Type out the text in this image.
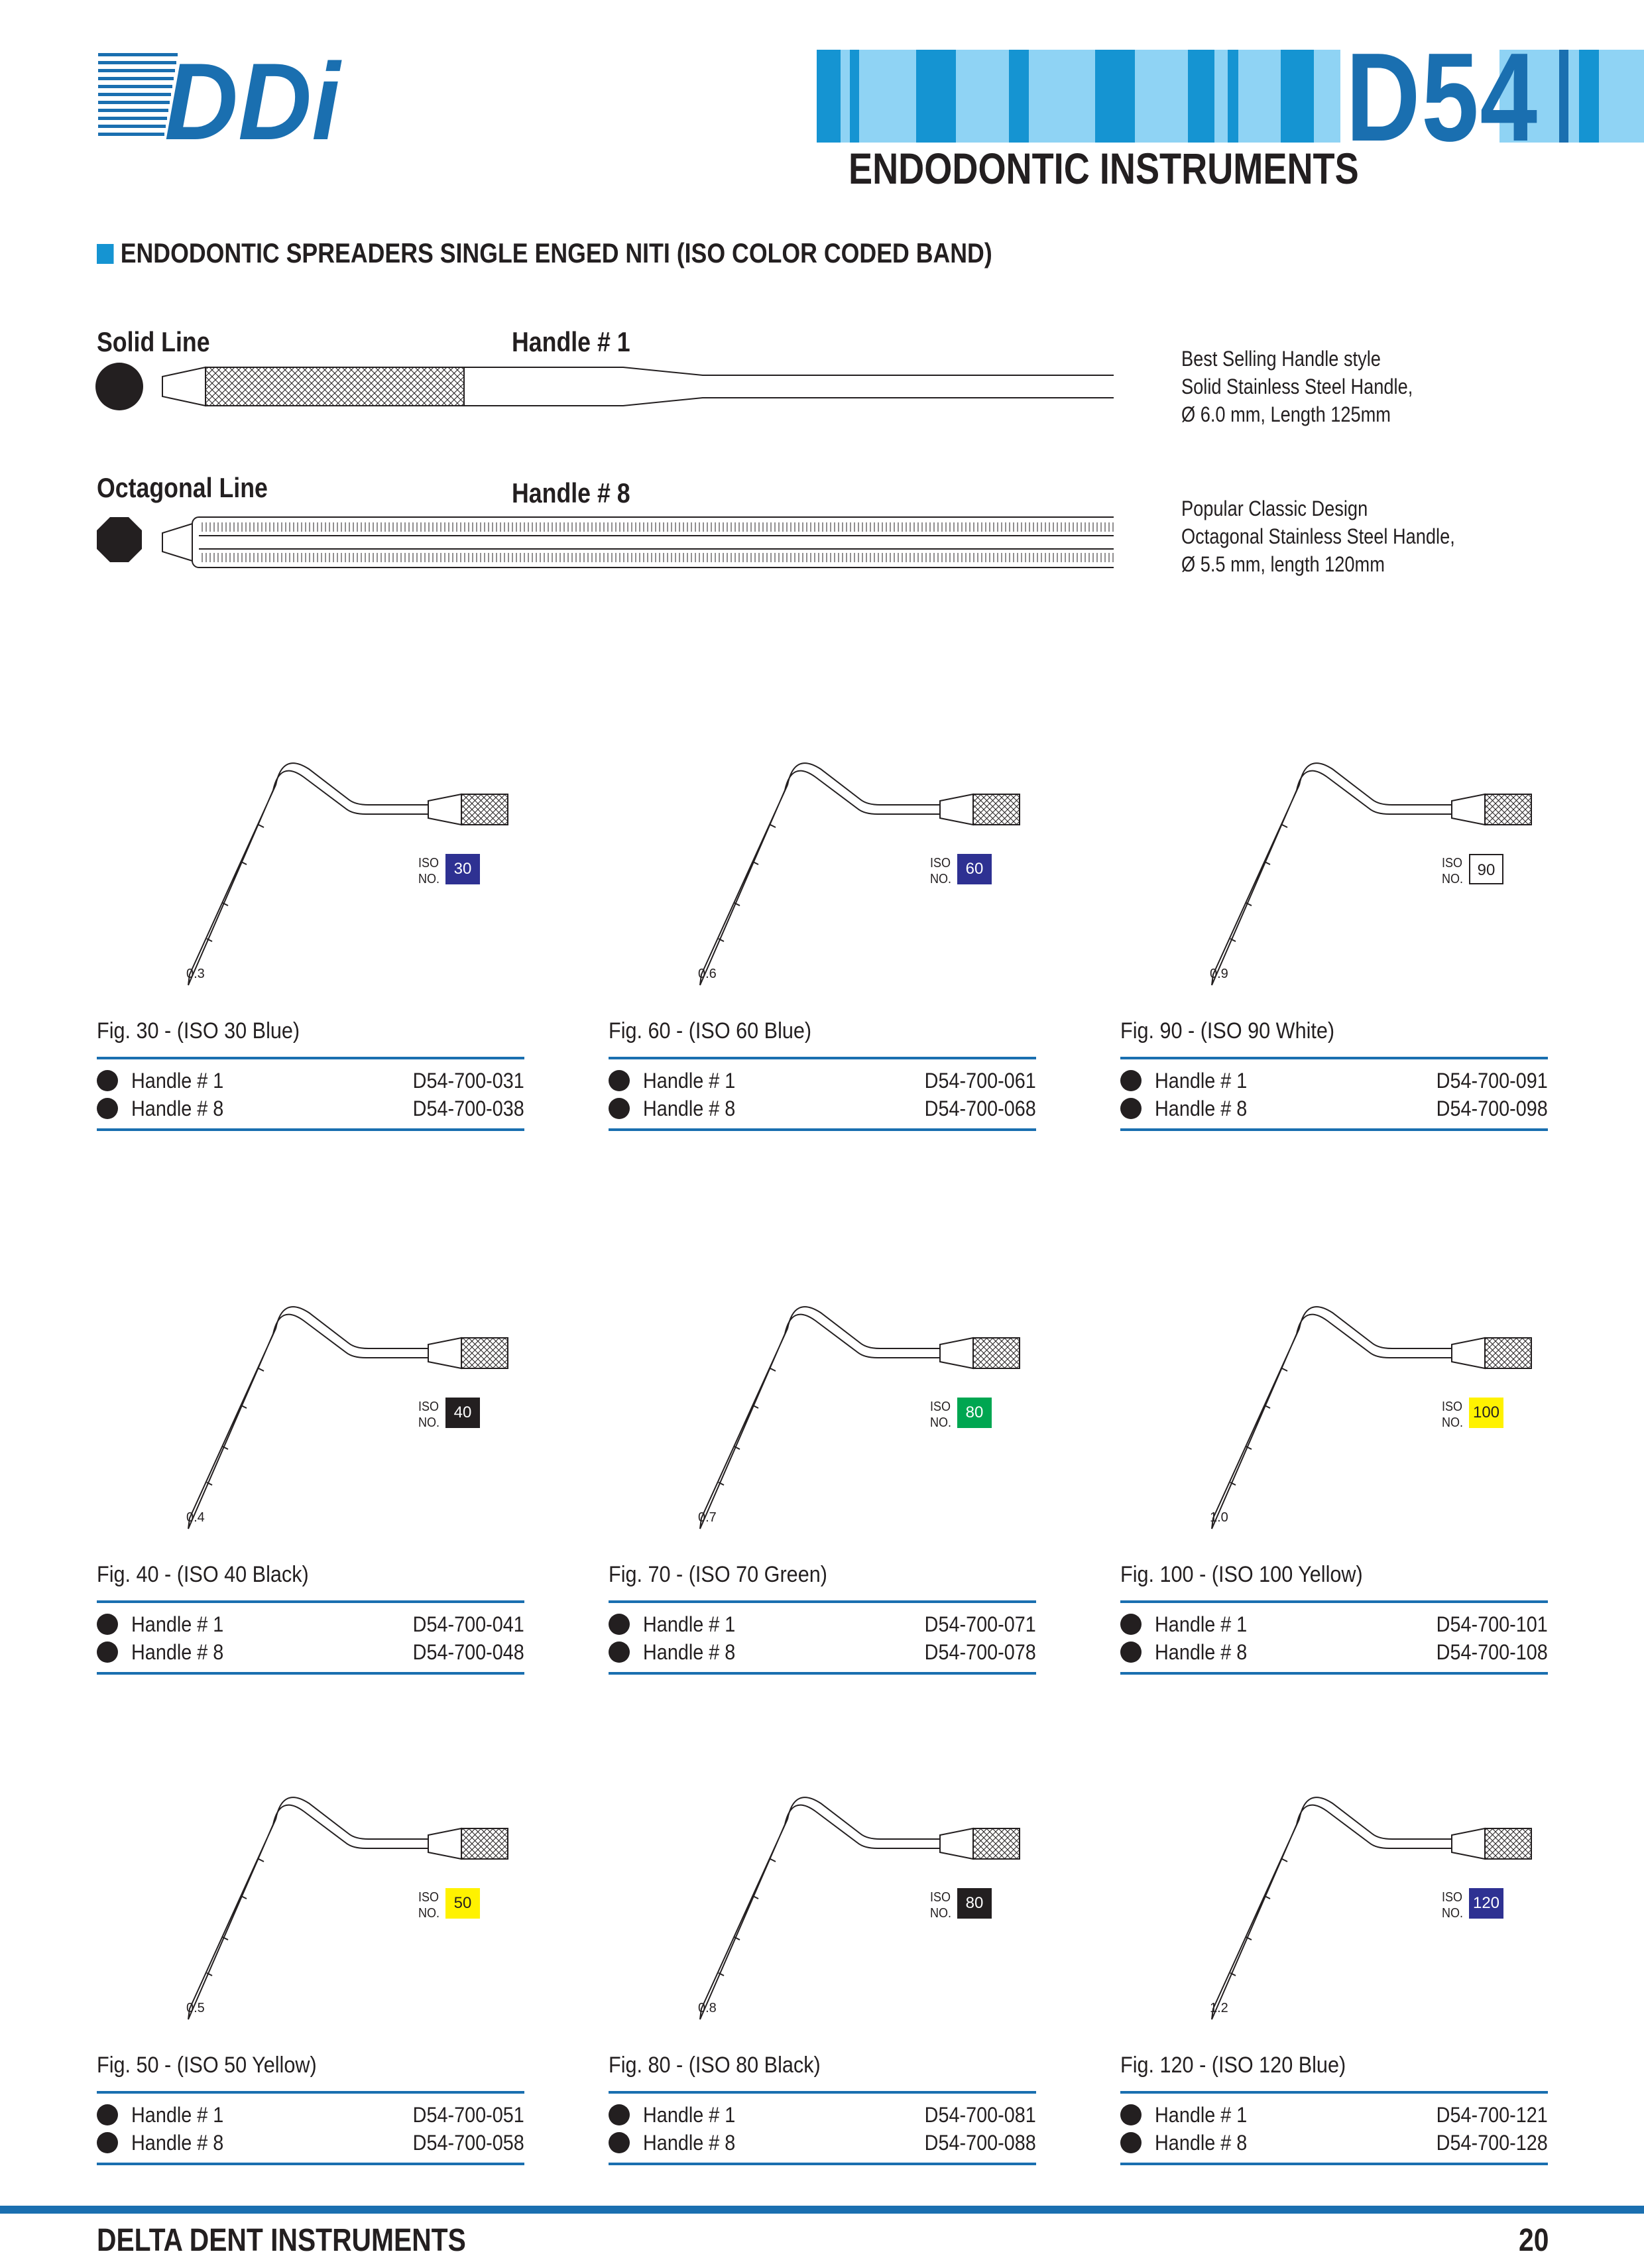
DDi	D54
ENDODONTIC INSTRUMENTS
ENDODONTIC SPREADERS SINGLE ENGED NITI (ISO COLOR CODED BAND)
Solid Line	Handle # 1
Best Selling Handle style
Solid Stainless Steel Handle,
Ø 6.0 mm, Length 125mm
Octagonal Line	Handle # 8	Popular Classic Design
Octagonal Stainless Steel Handle,
Ø 5.5 mm, length 120mm
ISO
NO.
30
0.3
Fig. 30 - (ISO 30 Blue)
Handle # 1	D54-700-031
Handle # 8	D54-700-038
ISO
NO.
60
0.6
Fig. 60 - (ISO 60 Blue)
Handle # 1	D54-700-061
Handle # 8	D54-700-068
ISO
NO. 90
0.9
Fig. 90 - (ISO 90 White)
Handle # 1	D54-700-091
Handle # 8	D54-700-098
ISO
NO.
40
0.4
Fig. 40 - (ISO 40 Black)
Handle # 1	D54-700-041
Handle # 8	D54-700-048
ISO
NO.
80
0.7
Fig. 70 - (ISO 70 Green)
Handle # 1	D54-700-071
Handle # 8	D54-700-078
ISO
NO.
100
1.0
Fig. 100 - (ISO 100 Yellow)
Handle # 1	D54-700-101
Handle # 8	D54-700-108
ISO
NO.
50
0.5
Fig. 50 - (ISO 50 Yellow)
Handle # 1	D54-700-051
Handle # 8	D54-700-058
ISO
NO.
80
0.8
Fig. 80 - (ISO 80 Black)
Handle # 1	D54-700-081
Handle # 8	D54-700-088
ISO
NO.
120
1.2
Fig. 120 - (ISO 120 Blue)
Handle # 1	D54-700-121
Handle # 8	D54-700-128
DELTA DENT INSTRUMENTS	20
